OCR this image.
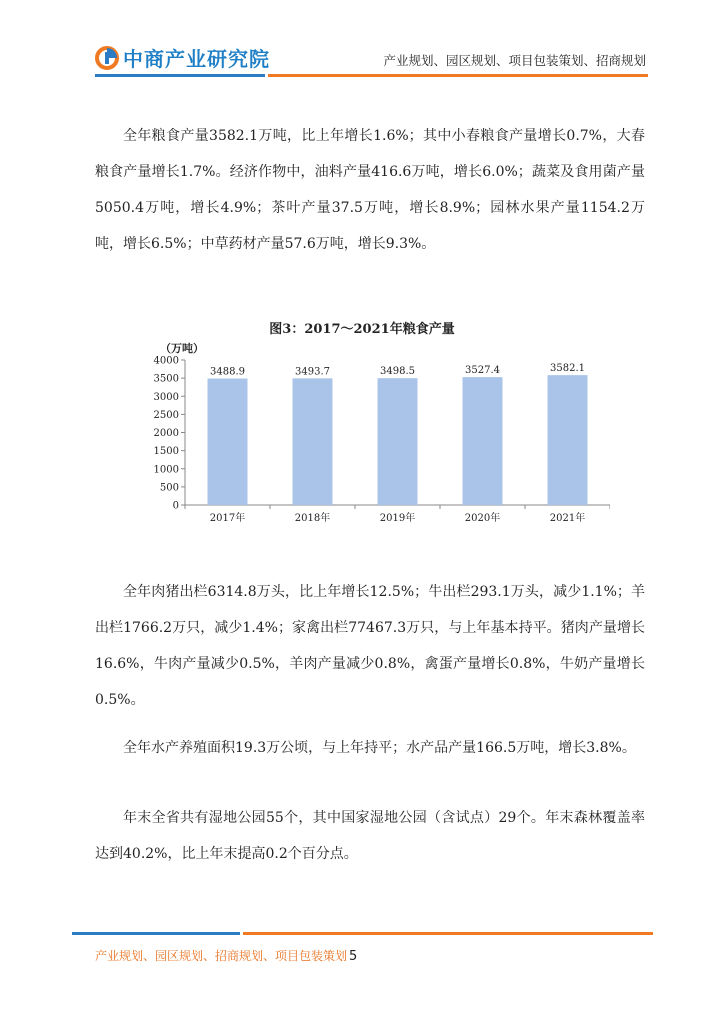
中商产业研究院	产业规划、园区规划、项目包装策划、招商规划

全年粮食产量3582.1万吨，比上年增长1.6%；其中小春粮食产量增长0.7%，大春粮食产量增长1.7%。经济作物中，油料产量416.6万吨，增长6.0%；蔬菜及食用菌产量5050.4万吨，增长4.9%；茶叶产量37.5万吨，增长8.9%；园林水果产量1154.2万吨，增长6.5%；中草药材产量57.6万吨，增长9.3%。

图3：2017～2021年粮食产量
（万吨）
0
500
1000
1500
2000
2500
3000
3500
4000
3488.9
2017年
3493.7
2018年
3498.5
2019年
3527.4
2020年
3582.1
2021年

全年肉猪出栏6314.8万头，比上年增长12.5%；牛出栏293.1万头，减少1.1%；羊出栏1766.2万只，减少1.4%；家禽出栏77467.3万只，与上年基本持平。猪肉产量增长16.6%，牛肉产量减少0.5%，羊肉产量减少0.8%，禽蛋产量增长0.8%，牛奶产量增长0.5%。

全年水产养殖面积19.3万公顷，与上年持平；水产品产量166.5万吨，增长3.8%。

年末全省共有湿地公园55个，其中国家湿地公园（含试点）29个。年末森林覆盖率达到40.2%，比上年末提高0.2个百分点。

产业规划、园区规划、招商规划、项目包装策划 5
